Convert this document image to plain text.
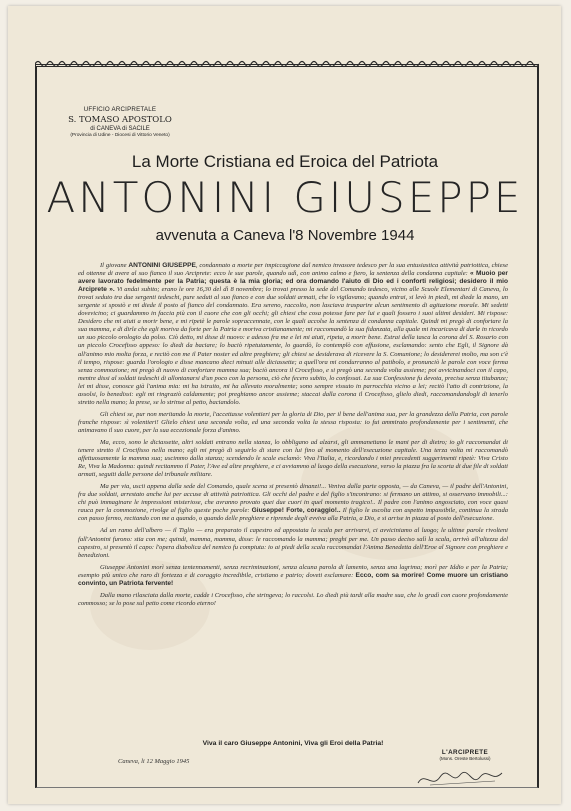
UFFICIO ARCIPRETALE
S. TOMASO APOSTOLO
di CANEVA di SACILE
(Provincia di Udine - Diocesi di Vittorio Veneto)
La Morte Cristiana ed Eroica del Patriota
ANTONINI GIUSEPPE
avvenuta a Caneva l'8 Novembre 1944

Il giovane ANTONINI GIUSEPPE, condannato a morte per impiccagione dal nemico invasore tedesco per la sua entusiastica attività patriottica, chiese ed ottenne di avere al suo fianco il suo Arciprete: ecco le sue parole, quando udì, con animo calmo e fiero, la sentenza della condanna capitale: « Muoio per avere lavorato fedelmente per la Patria; questa è la mia gloria; ed ora domando l'aiuto di Dio ed i conforti religiosi; desidero il mio Arciprete ». Vi andai subito; erano le ore 16,30 del dì 8 novembre; lo trovai presso la sede del Comando tedesco, vicino alle Scuole Elementari di Caneva, lo trovai seduto tra due sergenti tedeschi, pure seduti al suo fianco e con due soldati armati, che lo vigilavano; quando entrai, si levò in piedi, mi diede la mano, un sergente si spostò e mi diede il posto al fianco del condannato. Era sereno, raccolto, non lasciava trasparire alcun sentimento di agitazione morale. Mi sedetti dovevicino; ci guardammo in faccia più con il cuore che con gli occhi; gli chiesi che cosa potesse fare per lui e quali fossero i suoi ultimi desideri. Mi rispose: Desidero che mi aiuti a morir bene, e mi ripetè le parole sopraccennate, con le quali accolse la sentenza di condanna capitale. Quindi mi pregò di confortare la sua mamma, e di dirle che egli moriva da forte per la Patria e moriva cristianamente; mi raccomandò la sua fidanzata, alla quale mi incaricava di darle in ricordo un suo piccolo orologio da polso. Ciò detto, mi disse di nuovo: e adesso fra me e lei mi aiuti, ripeta, a morir bene. Estrai della tasca la corona del S. Rosario con un piccolo Crocefisso appeso: lo diedi da baciare; lo baciò ripetutamente, lo guardò, lo contemplò con effusione, esclamando: sento che Egli, il Signore dà all'animo mio molta forza, e recitò con me il Pater noster ed altre preghiere; gli chiesi se desiderava di ricevere la S. Comunione; lo desidererei molto, ma son c'è il tempo, rispose: guarda l'orologio e disse mancano dieci minuti alle diciassette; a quell'ora mi condurranno al patibolo, e pronunciò le parole con voce ferma senza commozione; mi pregò di nuovo di confortare mamma sua; baciò ancora il Crocefisso, e si pregò una seconda volta assieme; poi avvicinandoci con il capo, mentre dissi al soldati tedeschi di allontanarsi d'un poco con la persona, ciò che fecero subito, lo confessai. La sua Confessione fu devota, precisa senza titubanze; lei mi disse, conosce già l'anima mia: mi ha istruito, mi ha allevato moralmente; sono sempre vissuto in parrocchia vicino a lei; recitò l'atto di contrizione, la assolsi, lo benedissi: egli mi ringraziò caldamente; poi preghiamo ancor assieme; staccai dalla corona il Crocefisso, glielo diedi, raccomandandogli di tenerlo stretto nella mano; la prese, se lo strinse al petto, baciandolo.

Gli chiesi se, pur non meritando la morte, l'accettasse volentieri per la gloria di Dio, per il bene dell'anima sua, per la grandezza della Patria, con parole franche rispose: sì volentieri! Glielo chiesi una seconda volta, ed una seconda volta la stessa risposta: io fui ammirato profondamente per i sentimenti, che animavano il suo cuore, per la sua eccezionale forza d'animo.

Ma, ecco, sono le diciassette, altri soldati entrano nella stanza, lo obbligano ad alzarsi, gli ammanettano le mani per di dietro; io gli raccomandai di tenere stretto il Crocifisso nella mano; egli mi pregò di seguirlo di stare con lui fino al momento dell'esecuzione capitale. Una terza volta mi raccomandò affettuosamente la mamma sua; uscimmo dalla stanza; scendendo le scale esclamò: Viva l'Italia, e, ricordando i miei precedenti suggerimenti ripetè: Viva Cristo Re, Viva la Madonna: quindi recitammo il Pater, l'Ave ed altre preghiere, e ci avviammo al luogo della esecuzione, verso la piazza fra la scorta di due file di soldati armati, seguiti dalle persone del tribunale militare.

Ma per via, uscii appena dalla sede del Comando, quale scena si presentò dinanzi!... Veniva dalla parte opposta, — da Caneva, — il padre dell'Antonini, fra due soldati, arrestato anche lui per accuse di attività patriottica. Gli occhi del padre e del figlio s'incontrano: si fermano un attimo, si osservano immobili...: chi può immaginare le impressioni misteriose, che avranno provato quei due cuori in quel momento tragico!.. Il padre con l'animo angosciato, con voce quasi rauca per la commozione, rivolge al figlio queste poche parole: Giuseppe! Forte, coraggio!.. Il figlio le ascolta con aspetto impassibile, continua la strada con passo fermo, recitando con me a quando, o quando delle preghiere e riprende degli evviva alla Patria, a Dio, e si arrise in piazza al posto dell'esecuzione.

Ad un ramo dell'albero — il Tiglio — era preparato il capestro ed appostata la scala per arrivarvi, ci avviciniamo al luogo; le ultime parole rivolteni fall'Antonini furono: stia con me; quindi, mamma, mamma, disse: le raccomando la mamma; preghi per me. Un passo deciso salì la scala, arrivò all'altezza del capestro, si presentò il capo: l'opera diabolica del nemico fu compiuta: io ai piedi della scala raccomandai l'Anima Benedetta dell'Eroe al Signore con preghiere e benedizioni.

Giuseppe Antonini morì senza tentennamenti, senza recriminazioni, senza alcuna parola di lamento, senza una lagrima; morì per Iddio e per la Patria; esempio più unico che raro di fortezza e di coraggio incredibile, cristiano e patrio; doveti esclamare: Ecco, com sa morire! Come muore un cristiano convinto, un Patriota fervente!

Dalla mano rilasciata dalla morte, cadde i Crocefisso, che stringeva; lo raccolsi. Lo diedi più tardi alla madre sua, che lo gradì con cuore profondamente commosso; se lo pose sul petto come ricordo eterno!

Viva il caro Giuseppe Antonini, Viva gli Eroi della Patria!
Caneva, li 12 Maggio 1945
L'ARCIPRETE
(Mons. Oreste Bertolussi)
